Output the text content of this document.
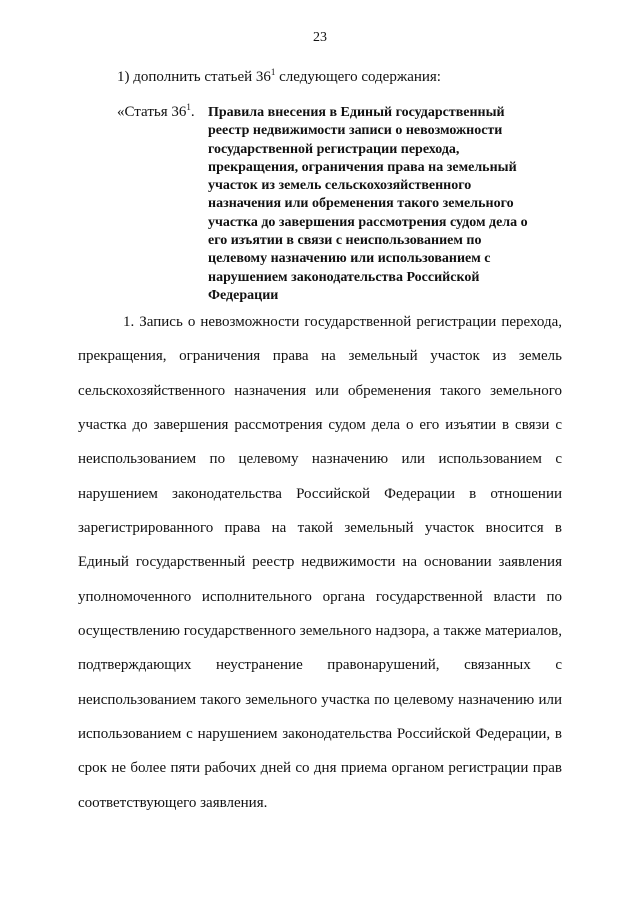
23
1) дополнить статьей $36^1$ следующего содержания:
«Статья $36^1$. Правила внесения в Единый государственный
реестр недвижимости записи о невозможности
государственной регистрации перехода,
прекращения, ограничения права на земельный
участок из земель сельскохозяйственного
назначения или обременения такого земельного
участка до завершения рассмотрения судом дела о
его изъятии в связи с неиспользованием по
целевому назначению или использованием с
нарушением законодательства Российской
Федерации
1. Запись о невозможности государственной регистрации перехода,
прекращения, ограничения права на земельный участок из земель
сельскохозяйственного назначения или обременения такого земельного
участка до завершения рассмотрения судом дела о его изъятии в связи с
неиспользованием по целевому назначению или использованием с
нарушением законодательства Российской Федерации в отношении
зарегистрированного права на такой земельный участок вносится в
Единый государственный реестр недвижимости на основании заявления
уполномоченного исполнительного органа государственной власти по
осуществлению государственного земельного надзора, а также материалов,
подтверждающих неустранение правонарушений, связанных с
неиспользованием такого земельного участка по целевому назначению или
использованием с нарушением законодательства Российской Федерации, в
срок не более пяти рабочих дней со дня приема органом регистрации прав
соответствующего заявления.
